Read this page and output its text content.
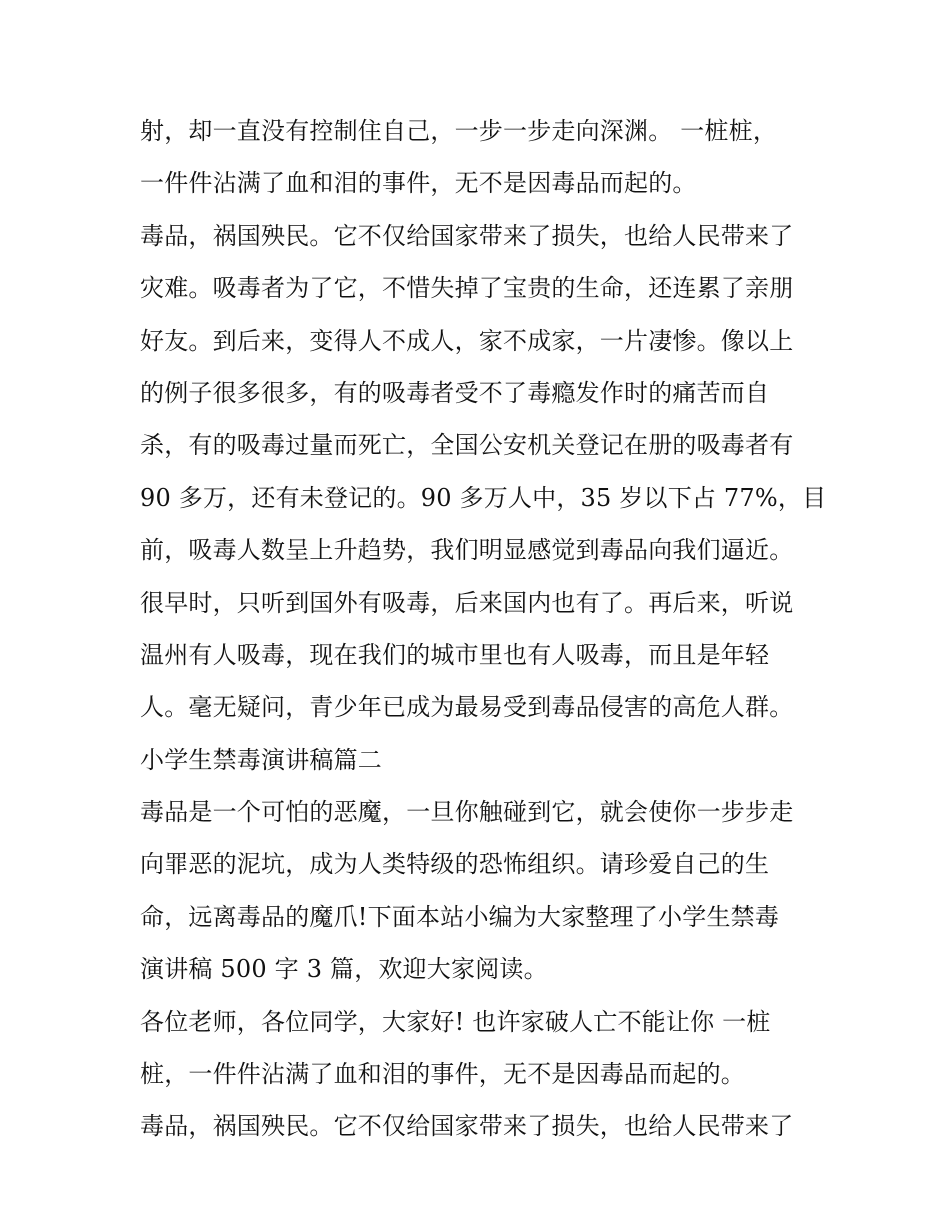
射，却一直没有控制住自己，一步一步走向深渊。 一桩桩，
一件件沾满了血和泪的事件，无不是因毒品而起的。
毒品，祸国殃民。它不仅给国家带来了损失，也给人民带来了
灾难。吸毒者为了它，不惜失掉了宝贵的生命，还连累了亲朋
好友。到后来，变得人不成人，家不成家，一片凄惨。像以上
的例子很多很多，有的吸毒者受不了毒瘾发作时的痛苦而自
杀，有的吸毒过量而死亡，全国公安机关登记在册的吸毒者有
90 多万，还有未登记的。90 多万人中，35 岁以下占 77%，目
前，吸毒人数呈上升趋势，我们明显感觉到毒品向我们逼近。
很早时，只听到国外有吸毒，后来国内也有了。再后来，听说
温州有人吸毒，现在我们的城市里也有人吸毒，而且是年轻
人。毫无疑问，青少年已成为最易受到毒品侵害的高危人群。
小学生禁毒演讲稿篇二
毒品是一个可怕的恶魔，一旦你触碰到它，就会使你一步步走
向罪恶的泥坑，成为人类特级的恐怖组织。请珍爱自己的生
命，远离毒品的魔爪!下面本站小编为大家整理了小学生禁毒
演讲稿 500 字 3 篇，欢迎大家阅读。
各位老师，各位同学，大家好! 也许家破人亡不能让你 一桩
桩，一件件沾满了血和泪的事件，无不是因毒品而起的。
毒品，祸国殃民。它不仅给国家带来了损失，也给人民带来了
